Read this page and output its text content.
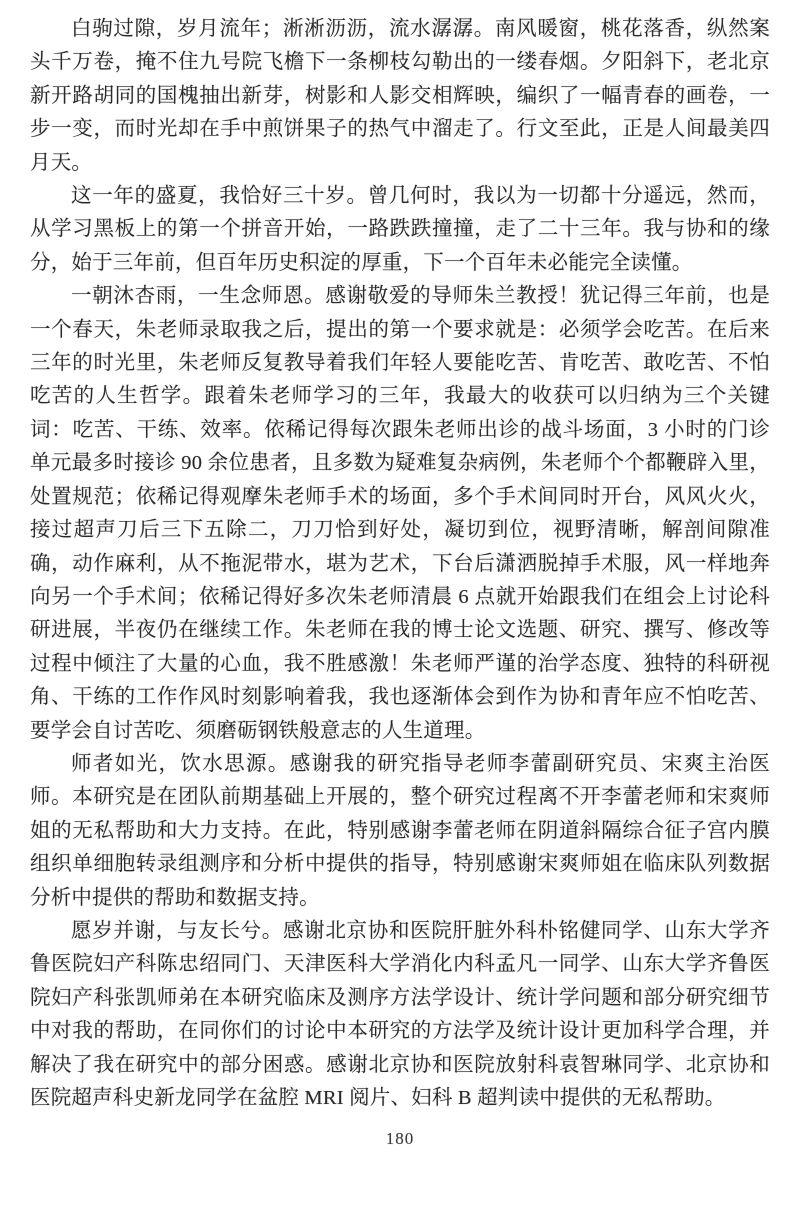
白驹过隙，岁月流年；淅淅沥沥，流水潺潺。南风暖窗，桃花落香，纵然案头千万卷，掩不住九号院飞檐下一条柳枝勾勒出的一缕春烟。夕阳斜下，老北京新开路胡同的国槐抽出新芽，树影和人影交相辉映，编织了一幅青春的画卷，一步一变，而时光却在手中煎饼果子的热气中溜走了。行文至此，正是人间最美四月天。

这一年的盛夏，我恰好三十岁。曾几何时，我以为一切都十分遥远，然而，从学习黑板上的第一个拼音开始，一路跌跌撞撞，走了二十三年。我与协和的缘分，始于三年前，但百年历史积淀的厚重，下一个百年未必能完全读懂。

一朝沐杏雨，一生念师恩。感谢敬爱的导师朱兰教授！犹记得三年前，也是一个春天，朱老师录取我之后，提出的第一个要求就是：必须学会吃苦。在后来三年的时光里，朱老师反复教导着我们年轻人要能吃苦、肯吃苦、敢吃苦、不怕吃苦的人生哲学。跟着朱老师学习的三年，我最大的收获可以归纳为三个关键词：吃苦、干练、效率。依稀记得每次跟朱老师出诊的战斗场面，3 小时的门诊单元最多时接诊 90 余位患者，且多数为疑难复杂病例，朱老师个个都鞭辟入里，处置规范；依稀记得观摩朱老师手术的场面，多个手术间同时开台，风风火火，接过超声刀后三下五除二，刀刀恰到好处，凝切到位，视野清晰，解剖间隙准确，动作麻利，从不拖泥带水，堪为艺术，下台后潇洒脱掉手术服，风一样地奔向另一个手术间；依稀记得好多次朱老师清晨 6 点就开始跟我们在组会上讨论科研进展，半夜仍在继续工作。朱老师在我的博士论文选题、研究、撰写、修改等过程中倾注了大量的心血，我不胜感激！朱老师严谨的治学态度、独特的科研视角、干练的工作作风时刻影响着我，我也逐渐体会到作为协和青年应不怕吃苦、要学会自讨苦吃、须磨砺钢铁般意志的人生道理。

师者如光，饮水思源。感谢我的研究指导老师李蕾副研究员、宋爽主治医师。本研究是在团队前期基础上开展的，整个研究过程离不开李蕾老师和宋爽师姐的无私帮助和大力支持。在此，特别感谢李蕾老师在阴道斜隔综合征子宫内膜组织单细胞转录组测序和分析中提供的指导，特别感谢宋爽师姐在临床队列数据分析中提供的帮助和数据支持。

愿岁并谢，与友长兮。感谢北京协和医院肝脏外科朴铭健同学、山东大学齐鲁医院妇产科陈忠绍同门、天津医科大学消化内科孟凡一同学、山东大学齐鲁医院妇产科张凯师弟在本研究临床及测序方法学设计、统计学问题和部分研究细节中对我的帮助，在同你们的讨论中本研究的方法学及统计设计更加科学合理，并解决了我在研究中的部分困惑。感谢北京协和医院放射科袁智琳同学、北京协和医院超声科史新龙同学在盆腔 MRI 阅片、妇科 B 超判读中提供的无私帮助。

180
